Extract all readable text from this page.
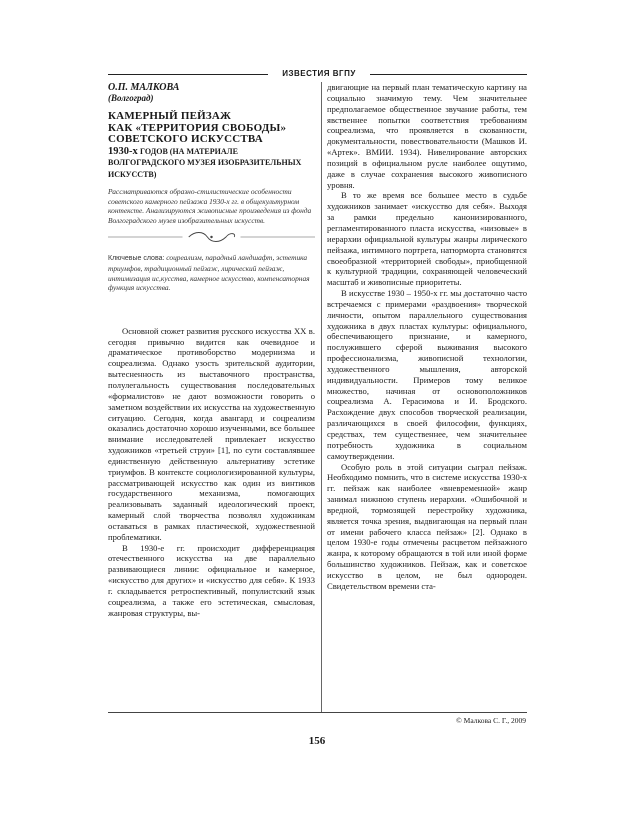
ИЗВЕСТИЯ ВГПУ

О.П. МАЛКОВА

(Волгоград)

КАМЕРНЫЙ ПЕЙЗАЖ

КАК «ТЕРРИТОРИЯ СВОБОДЫ»

СОВЕТСКОГО ИСКУССТВА

1930-х ГОДОВ (НА МАТЕРИАЛЕ ВОЛГОГРАДСКОГО МУЗЕЯ ИЗОБРАЗИТЕЛЬНЫХ ИСКУССТВ)

Рассматриваются образно-стилистические особенности советского камерного пейзажа 1930-х гг. в общекультурном контексте. Анализируются живописные произведения из фонда Волгоградского музея изобразительных искусств.

Ключевые слова: соцреализм, парадный ландшафт, эстетика триумфов, традиционный пейзаж, лирический пейзаж, интимизация ис,кусства, камерное искусство, компенсаторная функция искусства.

Основной сюжет развития русского искусства ХХ в. сегодня привычно видится как очевидное и драматическое противоборство модернизма и соцреализма. Однако узость зрительской аудитории, вытесненность из выставочного пространства, полулегальность существования последовательных «формалистов» не дают возможности говорить о заметном воздействии их искусства на художественную ситуацию. Сегодня, когда авангард и соцреализм оказались достаточно хорошо изученными, все большее внимание исследователей привлекает искусство художников «третьей струи» [1], по сути составлявшее единственную действенную альтернативу эстетике триумфов. В контексте социологизированной культуры, рассматривающей искусство как один из винтиков государственного механизма, помогающих реализовывать заданный идеологический проект, камерный слой творчества позволял художникам оставаться в рамках пластической, художественной проблематики.

В 1930-е гг. происходит дифференциация отечественного искусства на две параллельно развивающиеся линии: официальное и камерное, «искусство для других» и «искусство для себя». К 1933 г. складывается ретроспективный, популистский язык соцреализма, а также его эстетическая, смысловая, жанровая структуры, вы-

двигающие на первый план тематическую картину на социально значимую тему. Чем значительнее предполагаемое общественное звучание работы, тем явственнее попытки соответствия требованиям соцреализма, что проявляется в скованности, документальности, повествовательности (Машков И. «Артек». ВМИИ. 1934). Нивелирование авторских позиций в официальном русле наиболее ощутимо, даже в случае сохранения высокого живописного уровня.

В то же время все большее место в судьбе художников занимает «искусство для себя». Выходя за рамки предельно канонизированного, регламентированного пласта искусства, «низовые» в иерархии официальной культуры жанры лирического пейзажа, интимного портрета, натюрморта становятся своеобразной «территорией свободы», приобщенной к культурной традиции, сохраняющей человеческий масштаб и живописные приоритеты.

В искусстве 1930 – 1950-х гг. мы достаточно часто встречаемся с примерами «раздвоения» творческой личности, опытом параллельного существования художника в двух пластах культуры: официального, обеспечивающего признание, и камерного, послужившего сферой выживания высокого профессионализма, живописной технологии, художественного мышления, авторской индивидуальности. Примеров тому великое множество, начиная от основоположников соцреализма А. Герасимова и И. Бродского. Расхождение двух способов творческой реализации, различающихся в своей философии, функциях, средствах, тем существеннее, чем значительнее потребность художника в социальном самоутверждении.

Особую роль в этой ситуации сыграл пейзаж. Необходимо помнить, что в системе искусства 1930-х гг. пейзаж как наиболее «вневременной» жанр занимал нижнюю ступень иерархии. «Ошибочной и вредной, тормозящей перестройку художника, является точка зрения, выдвигающая на первый план от имени рабочего класса пейзаж» [2]. Однако в целом 1930-е годы отмечены расцветом пейзажного жанра, к которому обращаются в той или иной форме большинство художников. Пейзаж, как и советское искусство в целом, не был однороден. Свидетельством времени ста-

© Малкова С. Г., 2009
156
